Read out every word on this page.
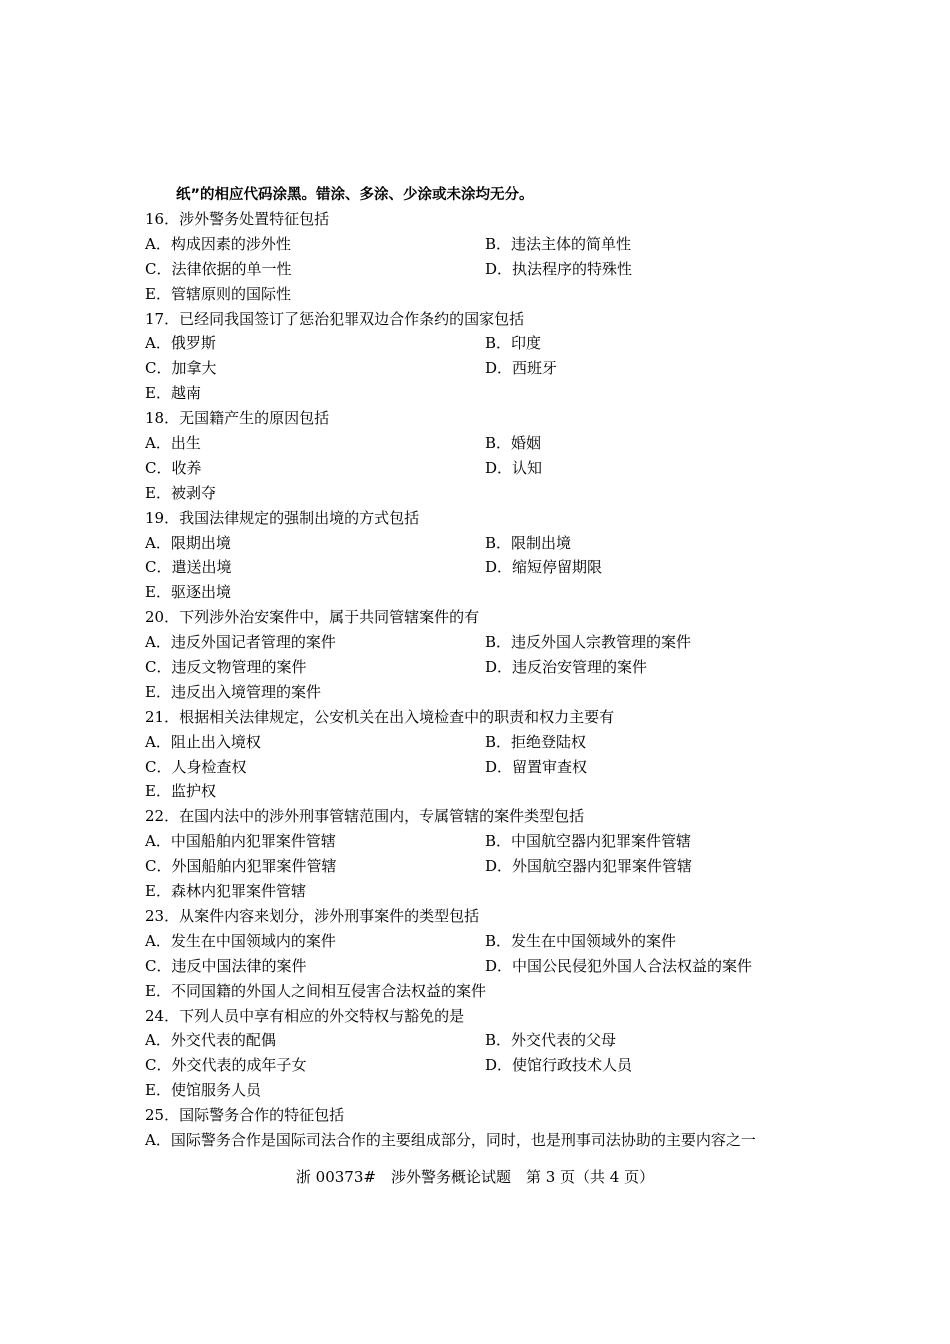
纸”的相应代码涂黑。错涂、多涂、少涂或未涂均无分。
16．涉外警务处置特征包括
A．构成因素的涉外性	B．违法主体的简单性
C．法律依据的单一性	D．执法程序的特殊性
E．管辖原则的国际性
17．已经同我国签订了惩治犯罪双边合作条约的国家包括
A．俄罗斯	B．印度
C．加拿大	D．西班牙
E．越南
18．无国籍产生的原因包括
A．出生	B．婚姻
C．收养	D．认知
E．被剥夺
19．我国法律规定的强制出境的方式包括
A．限期出境	B．限制出境
C．遣送出境	D．缩短停留期限
E．驱逐出境
20．下列涉外治安案件中，属于共同管辖案件的有
A．违反外国记者管理的案件	B．违反外国人宗教管理的案件
C．违反文物管理的案件	D．违反治安管理的案件
E．违反出入境管理的案件
21．根据相关法律规定，公安机关在出入境检查中的职责和权力主要有
A．阻止出入境权	B．拒绝登陆权
C．人身检查权	D．留置审查权
E．监护权
22．在国内法中的涉外刑事管辖范围内，专属管辖的案件类型包括
A．中国船舶内犯罪案件管辖	B．中国航空器内犯罪案件管辖
C．外国船舶内犯罪案件管辖	D．外国航空器内犯罪案件管辖
E．森林内犯罪案件管辖
23．从案件内容来划分，涉外刑事案件的类型包括
A．发生在中国领域内的案件	B．发生在中国领域外的案件
C．违反中国法律的案件	D．中国公民侵犯外国人合法权益的案件
E．不同国籍的外国人之间相互侵害合法权益的案件
24．下列人员中享有相应的外交特权与豁免的是
A．外交代表的配偶	B．外交代表的父母
C．外交代表的成年子女	D．使馆行政技术人员
E．使馆服务人员
25．国际警务合作的特征包括
A．国际警务合作是国际司法合作的主要组成部分，同时，也是刑事司法协助的主要内容之一
浙 00373#　涉外警务概论试题　第 3 页（共 4 页）
